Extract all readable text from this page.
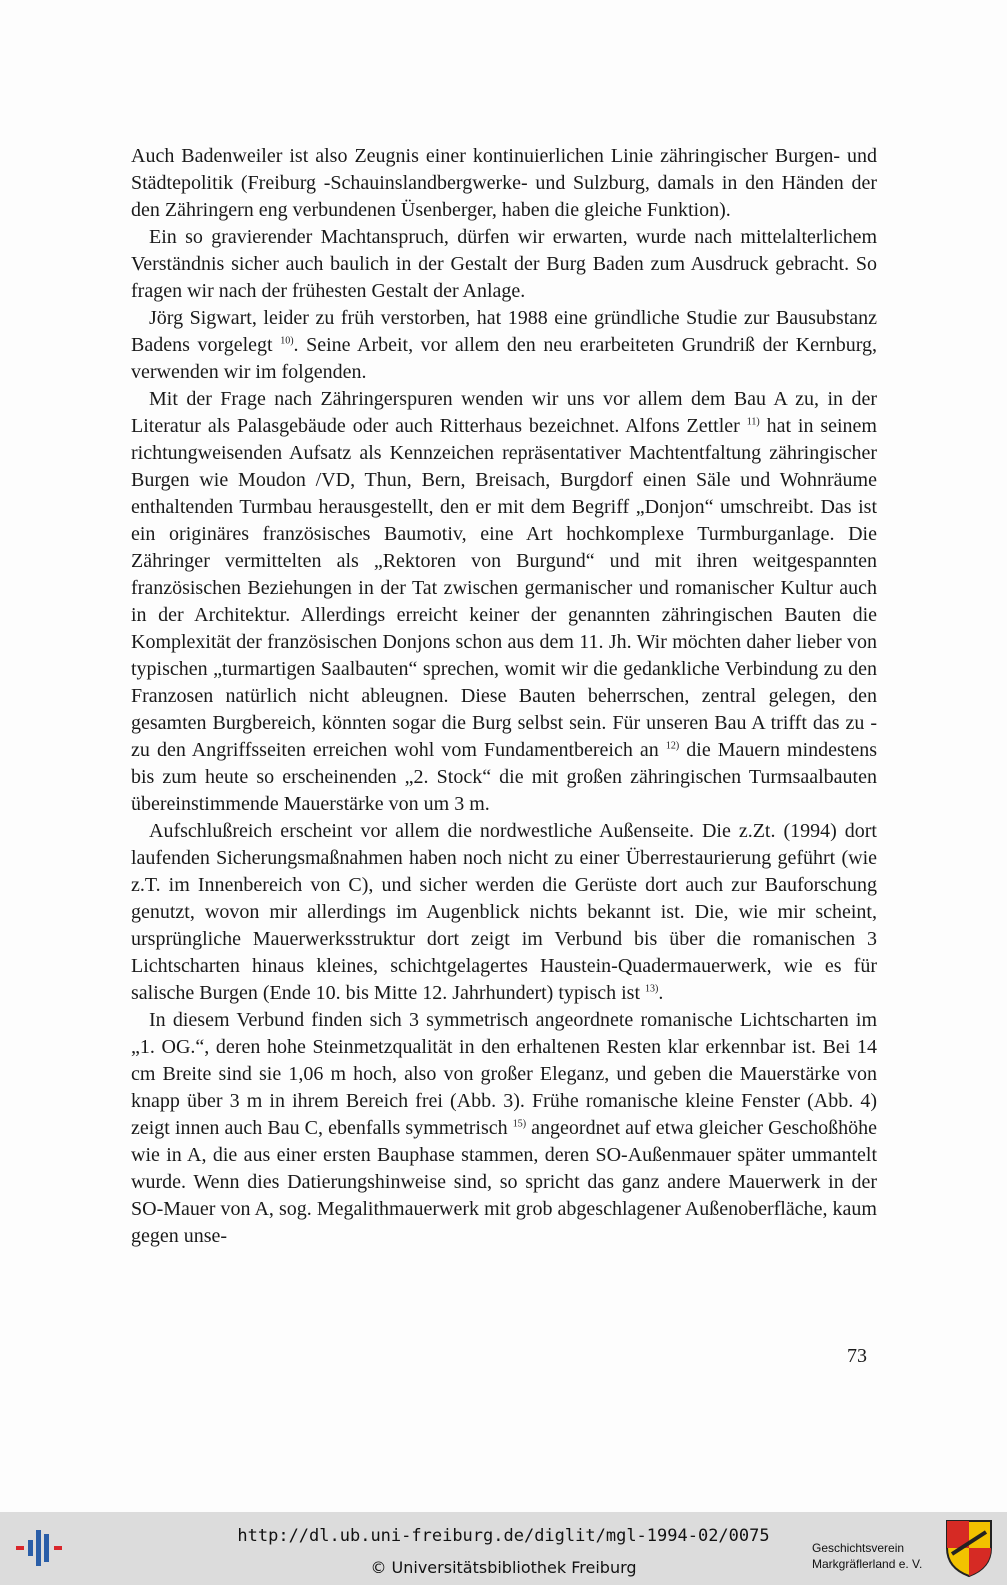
Auch Badenweiler ist also Zeugnis einer kontinuierlichen Linie zähringischer Burgen- und Städtepolitik (Freiburg -Schauinslandbergwerke- und Sulzburg, damals in den Händen der den Zähringern eng verbundenen Üsenberger, haben die gleiche Funktion).

Ein so gravierender Machtanspruch, dürfen wir erwarten, wurde nach mittelalterlichem Verständnis sicher auch baulich in der Gestalt der Burg Baden zum Ausdruck gebracht. So fragen wir nach der frühesten Gestalt der Anlage.

Jörg Sigwart, leider zu früh verstorben, hat 1988 eine gründliche Studie zur Bausubstanz Badens vorgelegt $^{10)}$. Seine Arbeit, vor allem den neu erarbeiteten Grundriß der Kernburg, verwenden wir im folgenden.

Mit der Frage nach Zähringerspuren wenden wir uns vor allem dem Bau A zu, in der Literatur als Palasgebäude oder auch Ritterhaus bezeichnet. Alfons Zettler $^{11)}$ hat in seinem richtungweisenden Aufsatz als Kennzeichen repräsentativer Machtentfaltung zähringischer Burgen wie Moudon /VD, Thun, Bern, Breisach, Burgdorf einen Säle und Wohnräume enthaltenden Turmbau herausgestellt, den er mit dem Begriff „Donjon“ umschreibt. Das ist ein originäres französisches Baumotiv, eine Art hochkomplexe Turmburganlage. Die Zähringer vermittelten als „Rektoren von Burgund“ und mit ihren weitgespannten französischen Beziehungen in der Tat zwischen germanischer und romanischer Kultur auch in der Architektur. Allerdings erreicht keiner der genannten zähringischen Bauten die Komplexität der französischen Donjons schon aus dem 11. Jh. Wir möchten daher lieber von typischen „turmartigen Saalbauten“ sprechen, womit wir die gedankliche Verbindung zu den Franzosen natürlich nicht ableugnen. Diese Bauten beherrschen, zentral gelegen, den gesamten Burgbereich, könnten sogar die Burg selbst sein. Für unseren Bau A trifft das zu - zu den Angriffsseiten erreichen wohl vom Fundamentbereich an $^{12)}$ die Mauern mindestens bis zum heute so erscheinenden „2. Stock“ die mit großen zähringischen Turmsaalbauten übereinstimmende Mauerstärke von um 3 m.

Aufschlußreich erscheint vor allem die nordwestliche Außenseite. Die z.Zt. (1994) dort laufenden Sicherungsmaßnahmen haben noch nicht zu einer Überrestaurierung geführt (wie z.T. im Innenbereich von C), und sicher werden die Gerüste dort auch zur Bauforschung genutzt, wovon mir allerdings im Augenblick nichts bekannt ist. Die, wie mir scheint, ursprüngliche Mauerwerksstruktur dort zeigt im Verbund bis über die romanischen 3 Lichtscharten hinaus kleines, schichtgelagertes Haustein-Quadermauerwerk, wie es für salische Burgen (Ende 10. bis Mitte 12. Jahrhundert) typisch ist $^{13)}$.

In diesem Verbund finden sich 3 symmetrisch angeordnete romanische Lichtscharten im „1. OG.“, deren hohe Steinmetzqualität in den erhaltenen Resten klar erkennbar ist. Bei 14 cm Breite sind sie 1,06 m hoch, also von großer Eleganz, und geben die Mauerstärke von knapp über 3 m in ihrem Bereich frei (Abb. 3). Frühe romanische kleine Fenster (Abb. 4) zeigt innen auch Bau C, ebenfalls symmetrisch $^{15)}$ angeordnet auf etwa gleicher Geschoßhöhe wie in A, die aus einer ersten Bauphase stammen, deren SO-Außenmauer später ummantelt wurde. Wenn dies Datierungshinweise sind, so spricht das ganz andere Mauerwerk in der SO-Mauer von A, sog. Megalithmauerwerk mit grob abgeschlagener Außenoberfläche, kaum gegen unse-

73
http://dl.ub.uni-freiburg.de/diglit/mgl-1994-02/0075
© Universitätsbibliothek Freiburg
Geschichtsverein
Markgräflerland e. V.
